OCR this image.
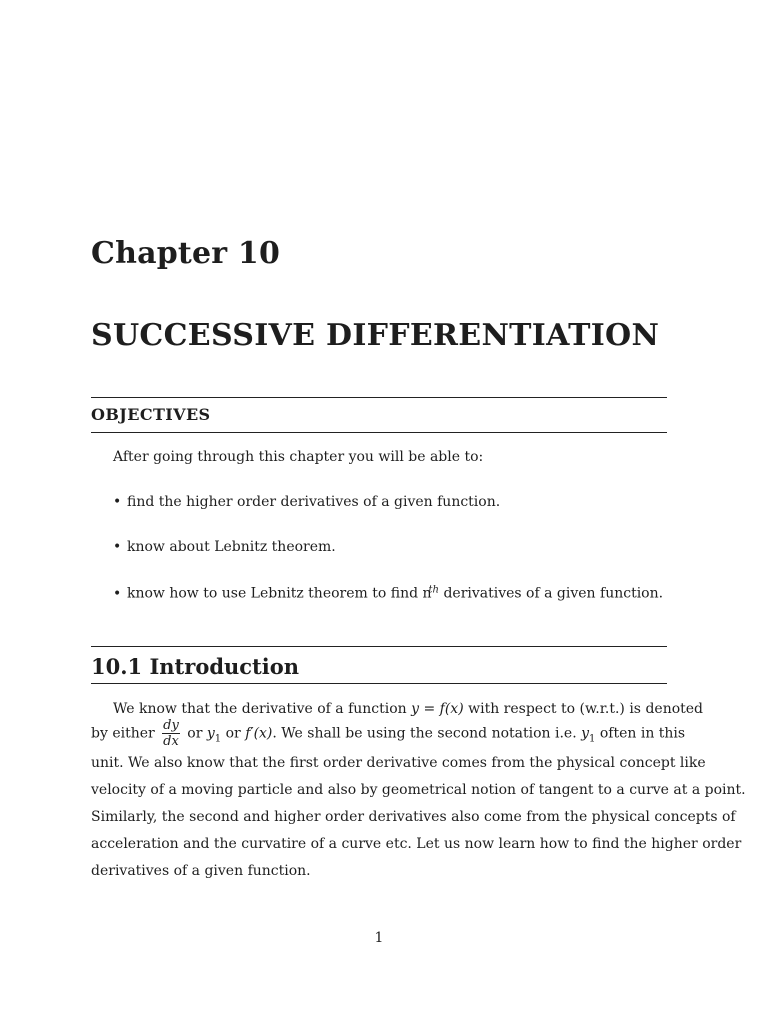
Chapter 10
SUCCESSIVE DIFFERENTIATION
OBJECTIVES
After going through this chapter you will be able to:
• find the higher order derivatives of a given function.
• know about Lebnitz theorem.
• know how to use Lebnitz theorem to find $n^{th}$ derivatives of a given function.
10.1 Introduction
We know that the derivative of a function y = f(x) with respect to (w.r.t.) is denoted
by either $\frac{dy}{dx}$ or $y_1$ or f′(x). We shall be using the second notation i.e. $y_1$ often in this
unit. We also know that the first order derivative comes from the physical concept like
velocity of a moving particle and also by geometrical notion of tangent to a curve at a point.
Similarly, the second and higher order derivatives also come from the physical concepts of
acceleration and the curvatire of a curve etc. Let us now learn how to find the higher order
derivatives of a given function.
1
